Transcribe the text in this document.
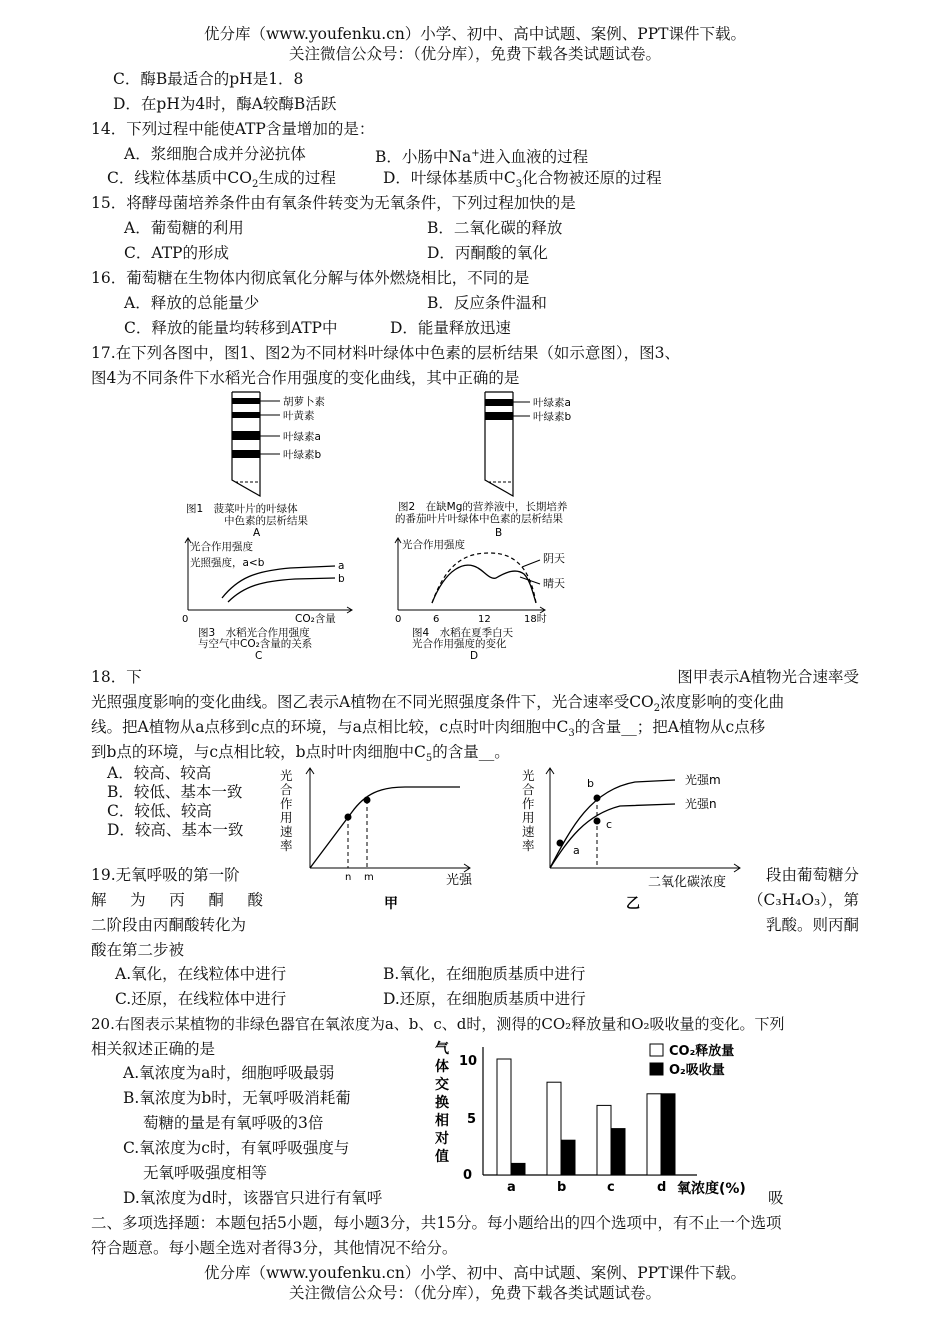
优分库（www.youfenku.cn）小学、初中、高中试题、案例、PPT课件下载。
关注微信公众号：（优分库），免费下载各类试题试卷。
C．酶B最适合的pH是1．8
D．在pH为4时，酶A较酶B活跃
14．下列过程中能使ATP含量增加的是：
A．浆细胞合成并分泌抗体	B．小肠中Na+进入血液的过程
C．线粒体基质中$CO_2$生成的过程	D．叶绿体基质中$C_3$化合物被还原的过程
15．将酵母菌培养条件由有氧条件转变为无氧条件，下列过程加快的是
A．葡萄糖的利用	B．二氧化碳的释放
C．ATP的形成	D．丙酮酸的氧化
16．葡萄糖在生物体内彻底氧化分解与体外燃烧相比，不同的是
A．释放的总能量少	B．反应条件温和
C．释放的能量均转移到ATP中	D．能量释放迅速
17.在下列各图中，图1、图2为不同材料叶绿体中色素的层析结果（如示意图），图3、
图4为不同条件下水稻光合作用强度的变化曲线，其中正确的是
胡萝卜素
叶黄素
叶绿素a
叶绿素b
图1　菠菜叶片的叶绿体
中色素的层析结果
A
叶绿素a
叶绿素b
图2　在缺Mg的营养液中，长期培养
的番茄叶片叶绿体中色素的层析结果
B
光合作用强度
光照强度，a<b	a
b
0	CO₂含量
图3　水稻光合作用强度
与空气中CO₂含量的关系
C
光合作用强度
阴天
晴天
0	6	12	18时
图4　水稻在夏季白天
光合作用强度的变化
D
18．下	图甲表示A植物光合速率受
光照强度影响的变化曲线。图乙表示A植物在不同光照强度条件下，光合速率受$CO_2$浓度影响的变化曲
线。把A植物从a点移到c点的环境，与a点相比较，c点时叶肉细胞中$C_3$的含量__；把A植物从c点移
到b点的环境，与c点相比较，b点时叶肉细胞中$C_5$的含量__。
A．较高、较高
B．较低、基本一致
C．较低、较高
D．较高、基本一致
n m	光强
甲
光
合
作
用
速
率	a
b
c
光强m
光强n
二氧化碳浓度
乙
光
合
作
用
速
率
19.无氧呼吸的第一阶	段由葡萄糖分
解 为 丙 酮 酸	（C₃H₄O₃），第
二阶段由丙酮酸转化为	乳酸。则丙酮
酸在第二步被
A.氧化，在线粒体中进行	B.氧化，在细胞质基质中进行
C.还原，在线粒体中进行	D.还原，在细胞质基质中进行
20.右图表示某植物的非绿色器官在氧浓度为a、b、c、d时，测得的CO₂释放量和O₂吸收量的变化。下列
相关叙述正确的是
A.氧浓度为a时，细胞呼吸最弱
B.氧浓度为b时，无氧呼吸消耗葡
萄糖的量是有氧呼吸的3倍
C.氧浓度为c时，有氧呼吸强度与
无氧呼吸强度相等
D.氧浓度为d时，该器官只进行有氧呼	吸
气
体
交
换
相
对
值
0
5
10
氧浓度(%)
CO₂释放量
O₂吸收量
a	b	c	d
二、多项选择题：本题包括5小题，每小题3分，共15分。每小题给出的四个选项中，有不止一个选项
符合题意。每小题全选对者得3分，其他情况不给分。
优分库（www.youfenku.cn）小学、初中、高中试题、案例、PPT课件下载。
关注微信公众号：（优分库），免费下载各类试题试卷。
